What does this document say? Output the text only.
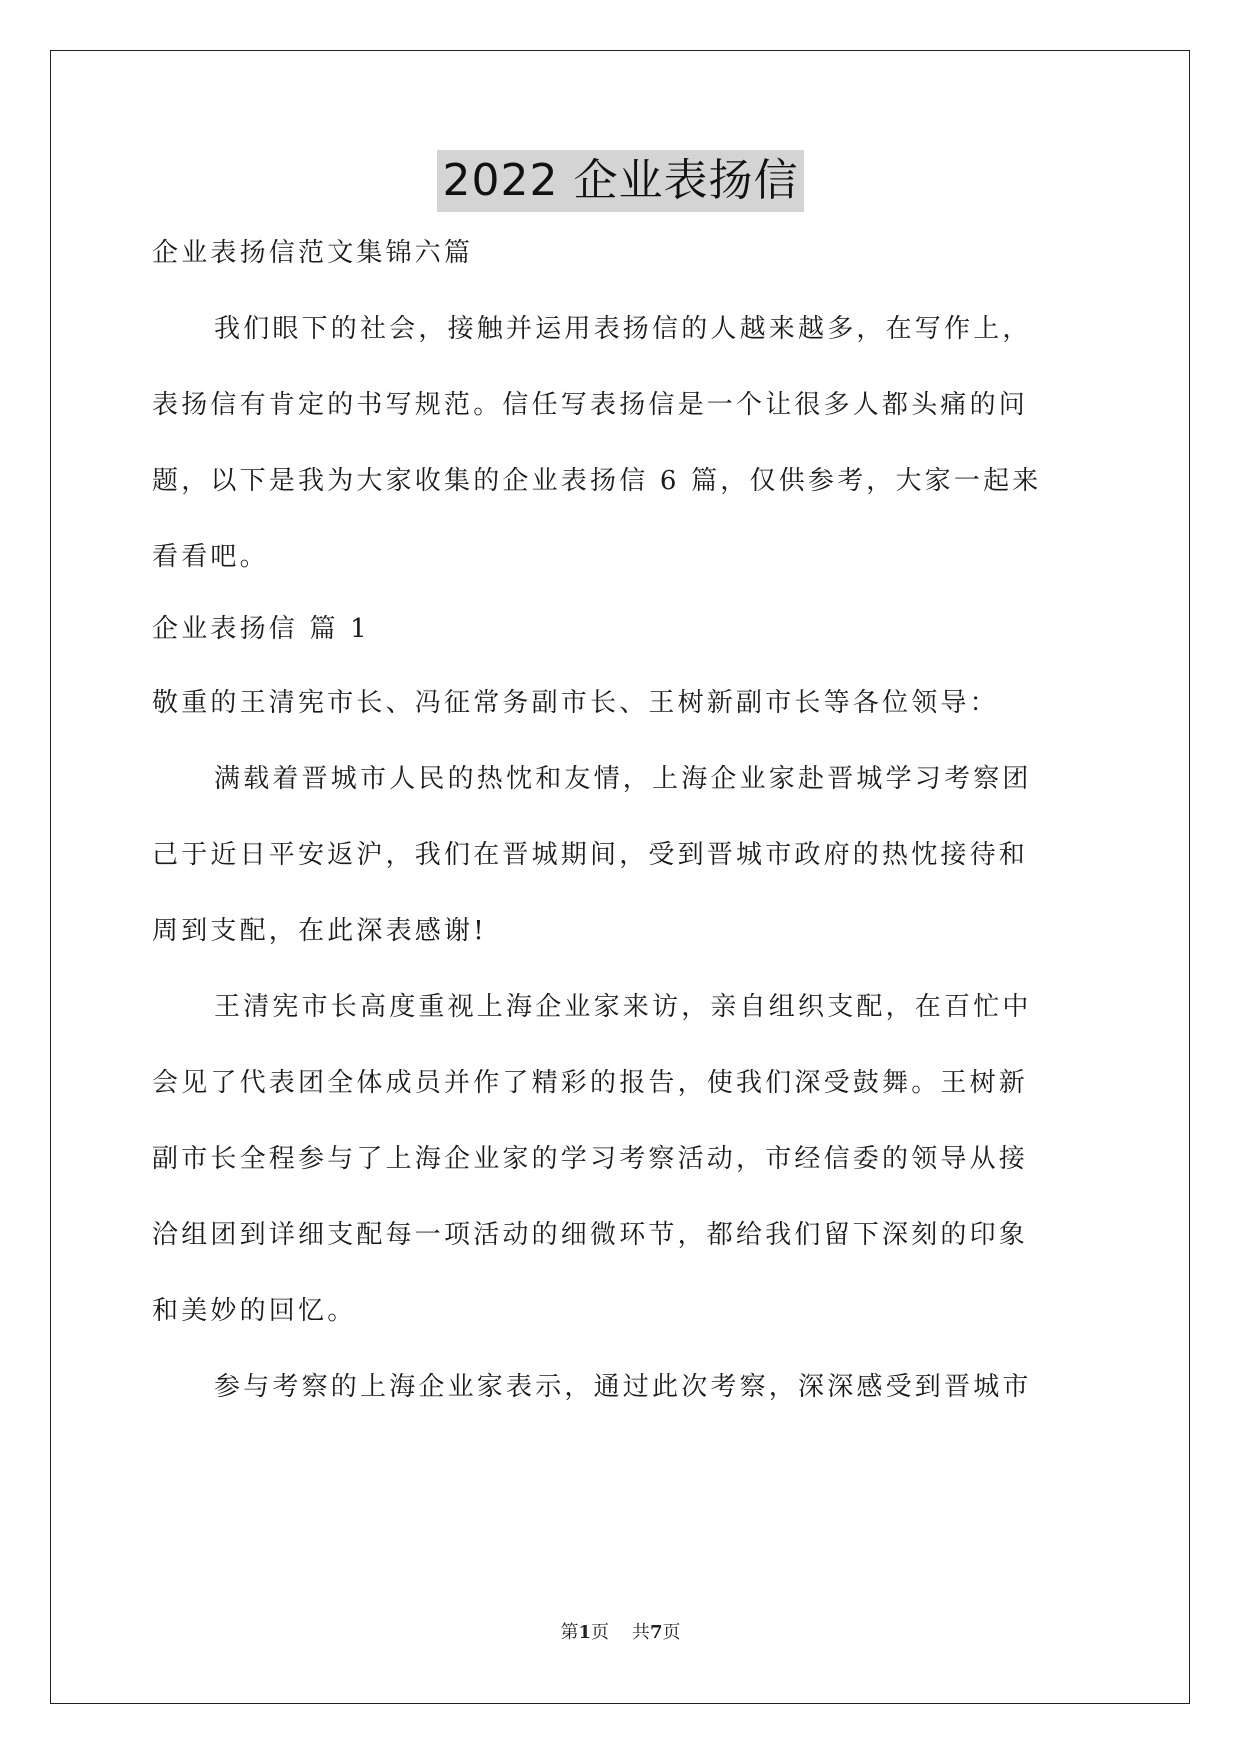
2022 企业表扬信
企业表扬信范文集锦六篇
我们眼下的社会，接触并运用表扬信的人越来越多，在写作上，
表扬信有肯定的书写规范。信任写表扬信是一个让很多人都头痛的问
题，以下是我为大家收集的企业表扬信 6 篇，仅供参考，大家一起来
看看吧。
企业表扬信 篇 1
敬重的王清宪市长、冯征常务副市长、王树新副市长等各位领导：
满载着晋城市人民的热忱和友情，上海企业家赴晋城学习考察团
己于近日平安返沪，我们在晋城期间，受到晋城市政府的热忱接待和
周到支配，在此深表感谢!
王清宪市长高度重视上海企业家来访，亲自组织支配，在百忙中
会见了代表团全体成员并作了精彩的报告，使我们深受鼓舞。王树新
副市长全程参与了上海企业家的学习考察活动，市经信委的领导从接
洽组团到详细支配每一项活动的细微环节，都给我们留下深刻的印象
和美妙的回忆。
参与考察的上海企业家表示，通过此次考察，深深感受到晋城市
第1页    共7页
